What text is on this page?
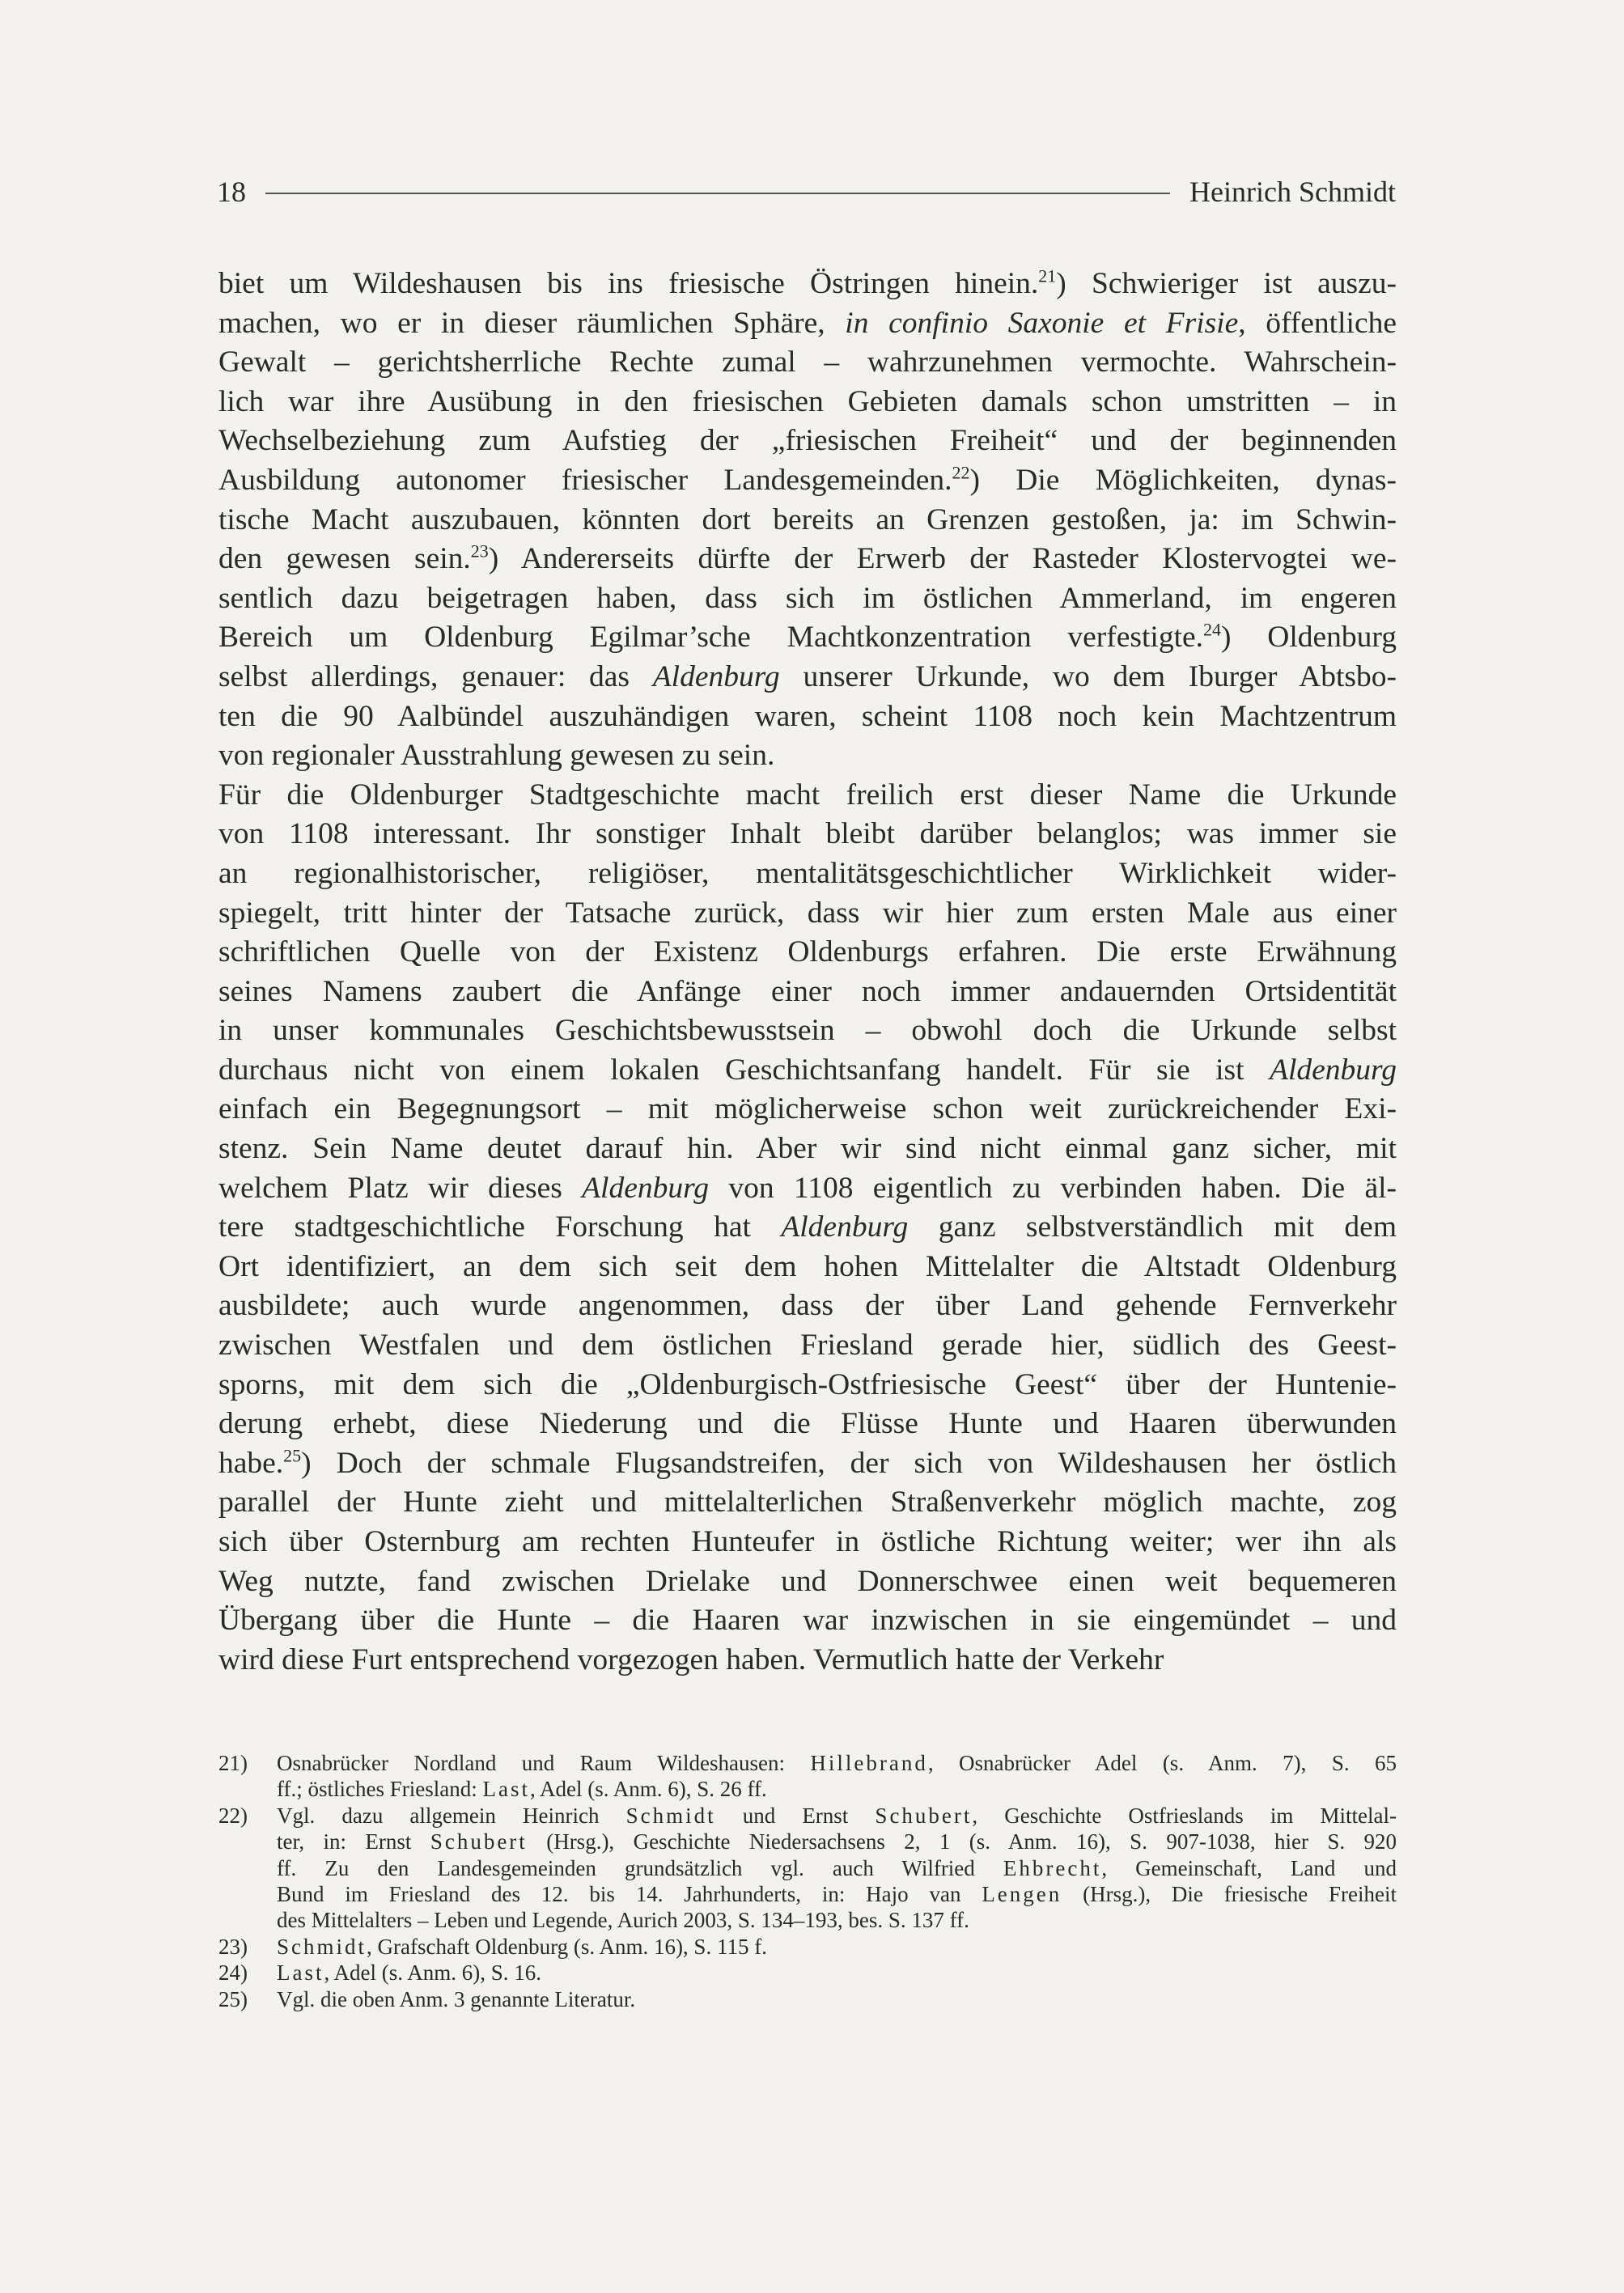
18	Heinrich Schmidt
biet um Wildeshausen bis ins friesische Östringen hinein.$^{21}$) Schwieriger ist auszu-
machen, wo er in dieser räumlichen Sphäre, in confinio Saxonie et Frisie, öffentliche
Gewalt – gerichtsherrliche Rechte zumal – wahrzunehmen vermochte. Wahrschein-
lich war ihre Ausübung in den friesischen Gebieten damals schon umstritten – in
Wechselbeziehung zum Aufstieg der „friesischen Freiheit“ und der beginnenden
Ausbildung autonomer friesischer Landesgemeinden.$^{22}$) Die Möglichkeiten, dynas-
tische Macht auszubauen, könnten dort bereits an Grenzen gestoßen, ja: im Schwin-
den gewesen sein.$^{23}$) Andererseits dürfte der Erwerb der Rasteder Klostervogtei we-
sentlich dazu beigetragen haben, dass sich im östlichen Ammerland, im engeren
Bereich um Oldenburg Egilmar’sche Machtkonzentration verfestigte.$^{24}$) Oldenburg
selbst allerdings, genauer: das Aldenburg unserer Urkunde, wo dem Iburger Abtsbo-
ten die 90 Aalbündel auszuhändigen waren, scheint 1108 noch kein Machtzentrum
von regionaler Ausstrahlung gewesen zu sein.
Für die Oldenburger Stadtgeschichte macht freilich erst dieser Name die Urkunde
von 1108 interessant. Ihr sonstiger Inhalt bleibt darüber belanglos; was immer sie
an regionalhistorischer, religiöser, mentalitätsgeschichtlicher Wirklichkeit wider-
spiegelt, tritt hinter der Tatsache zurück, dass wir hier zum ersten Male aus einer
schriftlichen Quelle von der Existenz Oldenburgs erfahren. Die erste Erwähnung
seines Namens zaubert die Anfänge einer noch immer andauernden Ortsidentität
in unser kommunales Geschichtsbewusstsein – obwohl doch die Urkunde selbst
durchaus nicht von einem lokalen Geschichtsanfang handelt. Für sie ist Aldenburg
einfach ein Begegnungsort – mit möglicherweise schon weit zurückreichender Exi-
stenz. Sein Name deutet darauf hin. Aber wir sind nicht einmal ganz sicher, mit
welchem Platz wir dieses Aldenburg von 1108 eigentlich zu verbinden haben. Die äl-
tere stadtgeschichtliche Forschung hat Aldenburg ganz selbstverständlich mit dem
Ort identifiziert, an dem sich seit dem hohen Mittelalter die Altstadt Oldenburg
ausbildete; auch wurde angenommen, dass der über Land gehende Fernverkehr
zwischen Westfalen und dem östlichen Friesland gerade hier, südlich des Geest-
sporns, mit dem sich die „Oldenburgisch-Ostfriesische Geest“ über der Huntenie-
derung erhebt, diese Niederung und die Flüsse Hunte und Haaren überwunden
habe.$^{25}$) Doch der schmale Flugsandstreifen, der sich von Wildeshausen her östlich
parallel der Hunte zieht und mittelalterlichen Straßenverkehr möglich machte, zog
sich über Osternburg am rechten Hunteufer in östliche Richtung weiter; wer ihn als
Weg nutzte, fand zwischen Drielake und Donnerschwee einen weit bequemeren
Übergang über die Hunte – die Haaren war inzwischen in sie eingemündet – und
wird diese Furt entsprechend vorgezogen haben. Vermutlich hatte der Verkehr
21)	Osnabrücker Nordland und Raum Wildeshausen: Hillebrand, Osnabrücker Adel (s. Anm. 7), S. 65
ff.; östliches Friesland: Last, Adel (s. Anm. 6), S. 26 ff.
22)	Vgl. dazu allgemein Heinrich Schmidt und Ernst Schubert, Geschichte Ostfrieslands im Mittelal-
ter, in: Ernst Schubert (Hrsg.), Geschichte Niedersachsens 2, 1 (s. Anm. 16), S. 907-1038, hier S. 920
ff. Zu den Landesgemeinden grundsätzlich vgl. auch Wilfried Ehbrecht, Gemeinschaft, Land und
Bund im Friesland des 12. bis 14. Jahrhunderts, in: Hajo van Lengen (Hrsg.), Die friesische Freiheit
des Mittelalters – Leben und Legende, Aurich 2003, S. 134–193, bes. S. 137 ff.
23)	Schmidt, Grafschaft Oldenburg (s. Anm. 16), S. 115 f.
24)	Last, Adel (s. Anm. 6), S. 16.
25)	Vgl. die oben Anm. 3 genannte Literatur.
